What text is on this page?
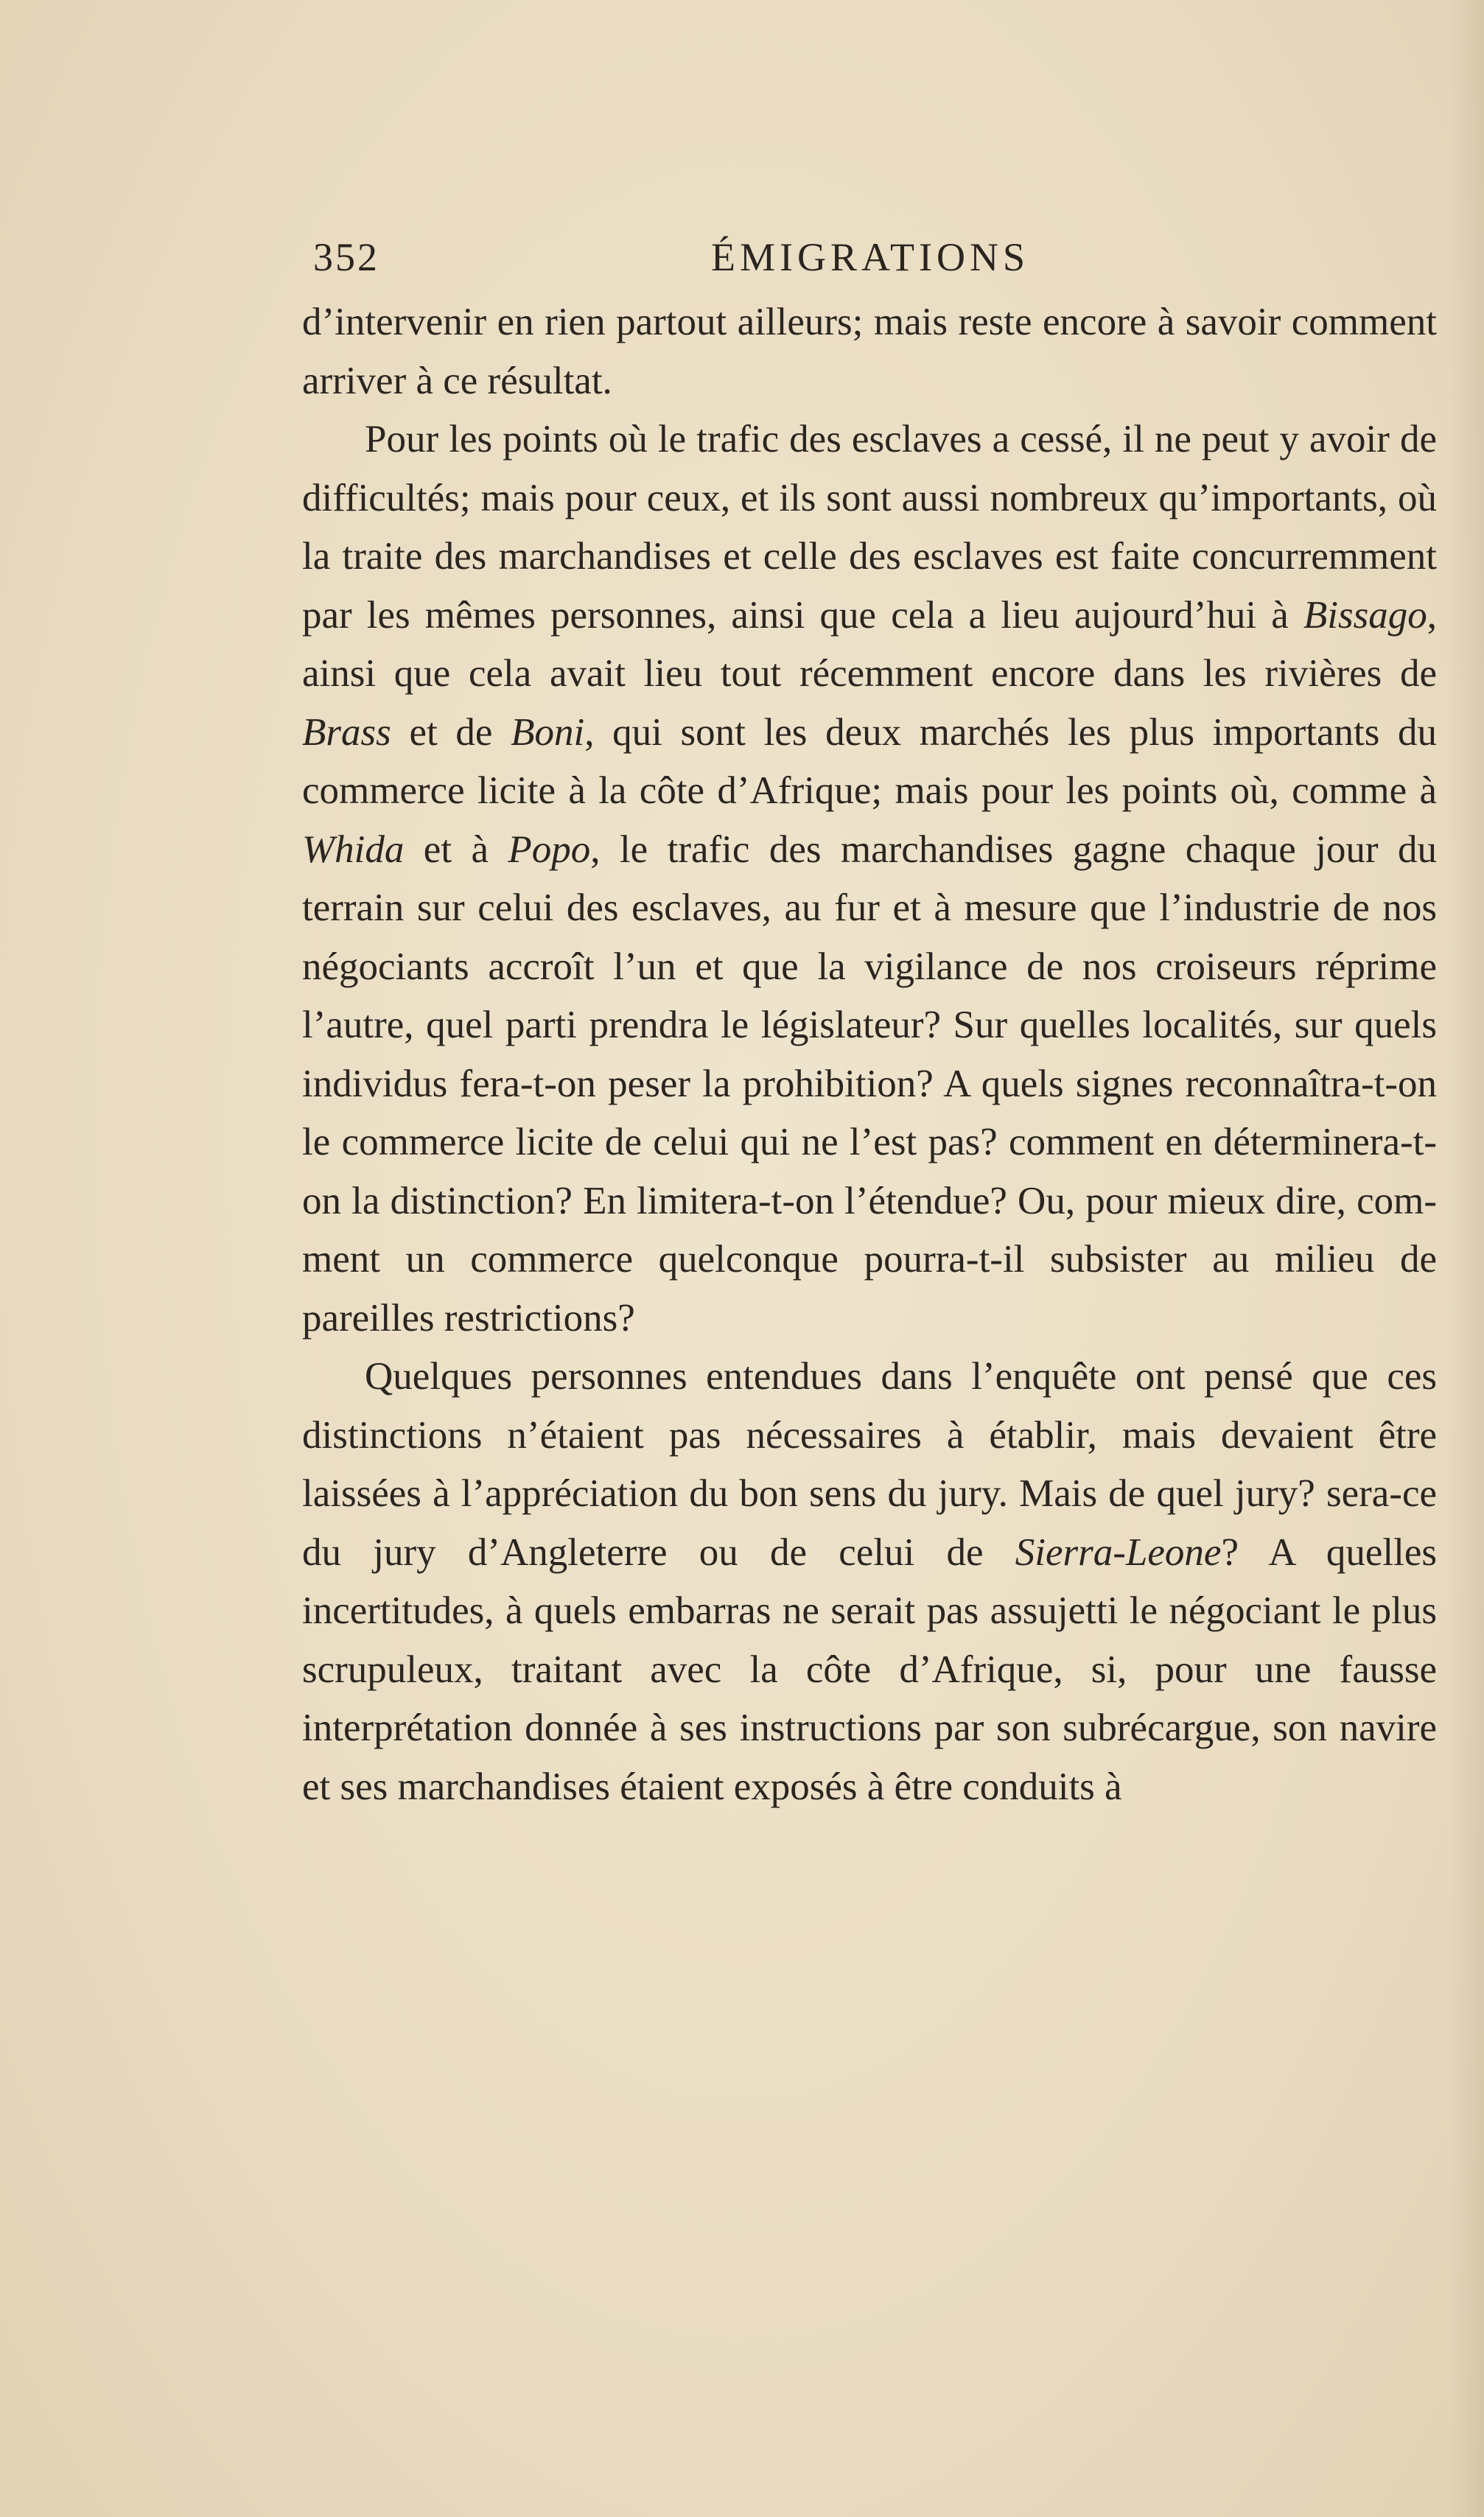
352	ÉMIGRATIONS

d’intervenir en rien partout ailleurs; mais reste encore à savoir comment arriver à ce résultat.

Pour les points où le trafic des esclaves a cessé, il ne peut y avoir de difficultés; mais pour ceux, et ils sont aussi nombreux qu’importants, où la traite des marchandises et celle des esclaves est faite concurremment par les mêmes personnes, ainsi que cela a lieu aujourd’hui à Bissago, ainsi que cela avait lieu tout récemment encore dans les rivières de Brass et de Boni, qui sont les deux marchés les plus importants du commerce licite à la côte d’Afrique; mais pour les points où, comme à Whida et à Popo, le trafic des marchandises gagne chaque jour du terrain sur celui des esclaves, au fur et à mesure que l’industrie de nos négociants accroît l’un et que la vigilance de nos croiseurs réprime l’autre, quel parti prendra le législateur? Sur quelles localités, sur quels individus fera-t-on peser la prohibition? A quels signes reconnaîtra-t-on le commerce licite de celui qui ne l’est pas? comment en déterminera-t-on la distinction? En limitera-t-on l’étendue? Ou, pour mieux dire, comment un commerce quelconque pourra-t-il subsister au milieu de pareilles restrictions?

Quelques personnes entendues dans l’enquête ont pensé que ces distinctions n’étaient pas nécessaires à établir, mais devaient être laissées à l’appréciation du bon sens du jury. Mais de quel jury? sera-ce du jury d’Angleterre ou de celui de Sierra-Leone? A quelles incertitudes, à quels embarras ne serait pas assujetti le négociant le plus scrupuleux, traitant avec la côte d’Afrique, si, pour une fausse interprétation donnée à ses instructions par son subrécargue, son navire et ses marchandises étaient exposés à être conduits à
